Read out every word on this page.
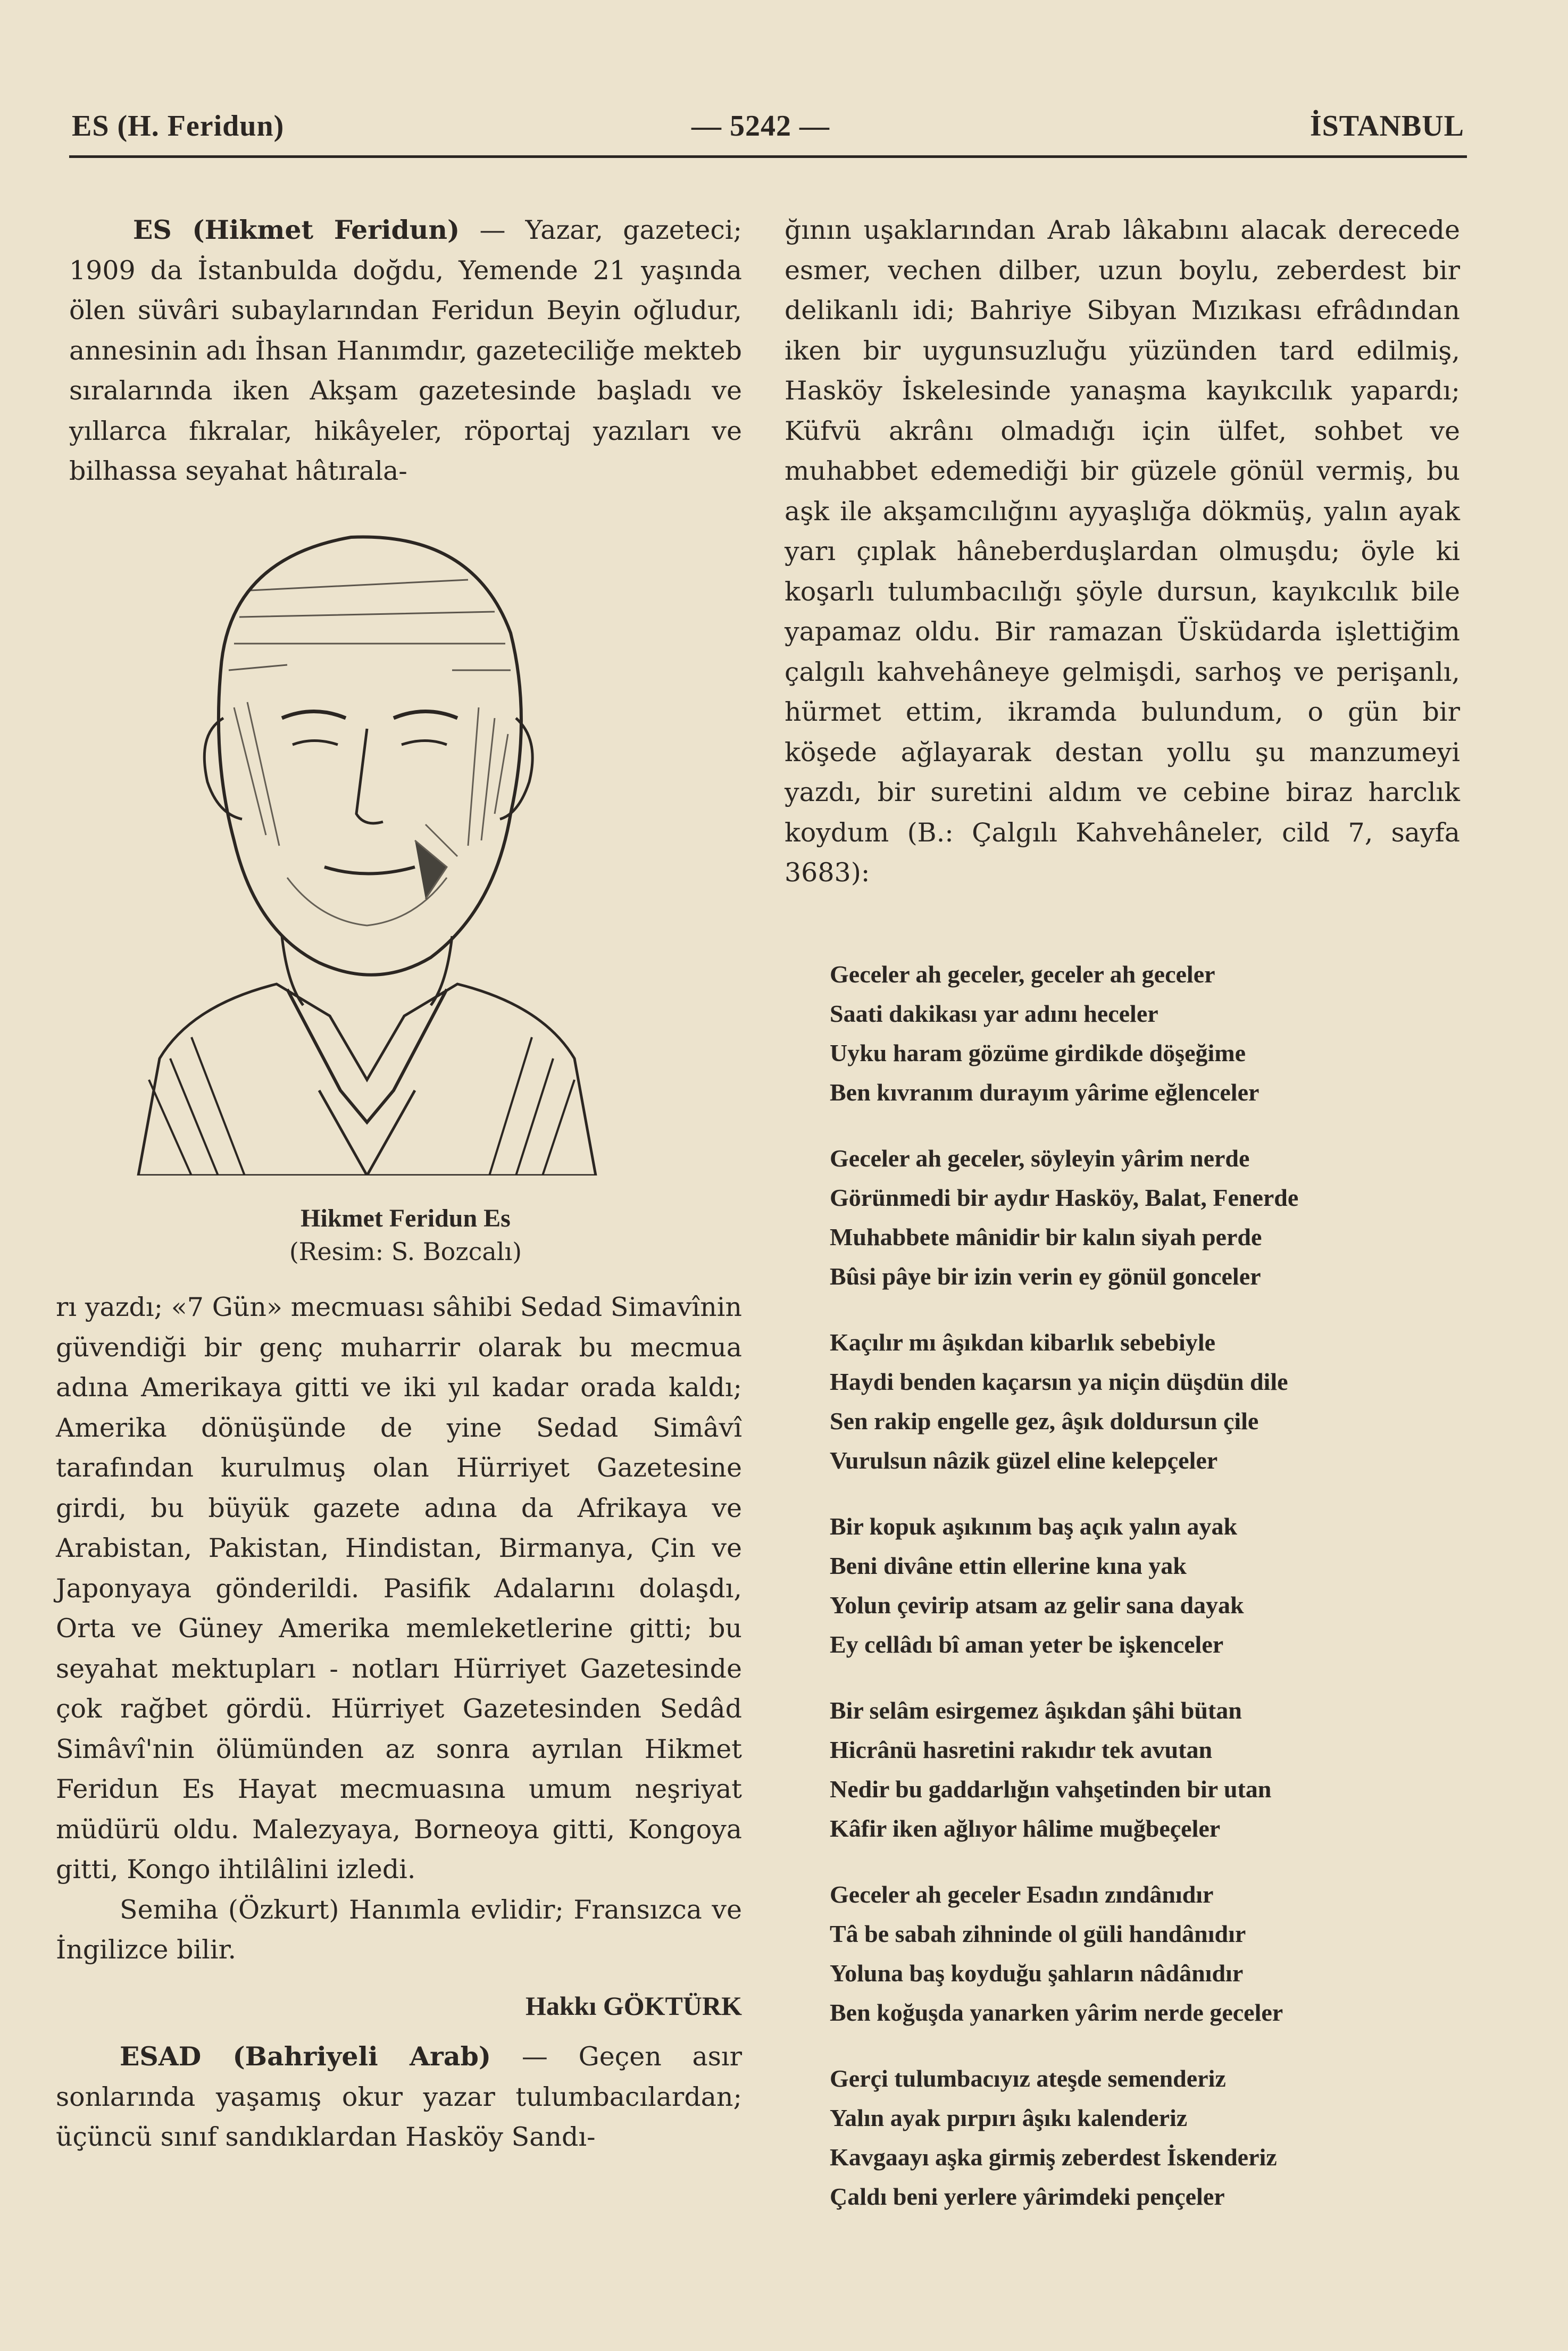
ES (H. Feridun)	— 5242 —	İSTANBUL

ES (Hikmet Feridun) — Yazar, gazeteci; 1909 da İstanbulda doğdu, Yemende 21 yaşında ölen süvâri subaylarından Feridun Beyin oğludur, annesinin adı İhsan Hanımdır, gazeteciliğe mekteb sıralarında iken Akşam gazetesinde başladı ve yıllarca fıkralar, hikâyeler, röportaj yazıları ve bilhassa seyahat hâtırala-

Hikmet Feridun Es
(Resim: S. Bozcalı)

rı yazdı; «7 Gün» mecmuası sâhibi Sedad Simavînin güvendiği bir genç muharrir olarak bu mecmua adına Amerikaya gitti ve iki yıl kadar orada kaldı; Amerika dönüşünde de yine Sedad Simâvî tarafından kurulmuş olan Hürriyet Gazetesine girdi, bu büyük gazete adına da Afrikaya ve Arabistan, Pakistan, Hindistan, Birmanya, Çin ve Japonyaya gönderildi. Pasifik Adalarını dolaşdı, Orta ve Güney Amerika memleketlerine gitti; bu seyahat mektupları - notları Hürriyet Gazetesinde çok rağbet gördü. Hürriyet Gazetesinden Sedâd Simâvî'nin ölümünden az sonra ayrılan Hikmet Feridun Es Hayat mecmuasına umum neşriyat müdürü oldu. Malezyaya, Borneoya gitti, Kongoya gitti, Kongo ihtilâlini izledi.

Semiha (Özkurt) Hanımla evlidir; Fransızca ve İngilizce bilir.

Hakkı GÖKTÜRK

ESAD (Bahriyeli Arab) — Geçen asır sonlarında yaşamış okur yazar tulumbacılardan; üçüncü sınıf sandıklardan Hasköy Sandı-

ğının uşaklarından Arab lâkabını alacak derecede esmer, vechen dilber, uzun boylu, zeberdest bir delikanlı idi; Bahriye Sibyan Mızıkası efrâdından iken bir uygunsuzluğu yüzünden tard edilmiş, Hasköy İskelesinde yanaşma kayıkcılık yapardı; Küfvü akrânı olmadığı için ülfet, sohbet ve muhabbet edemediği bir güzele gönül vermiş, bu aşk ile akşamcılığını ayyaşlığa dökmüş, yalın ayak yarı çıplak hâneberduşlardan olmuşdu; öyle ki koşarlı tulumbacılığı şöyle dursun, kayıkcılık bile yapamaz oldu. Bir ramazan Üsküdarda işlettiğim çalgılı kahvehâneye gelmişdi, sarhoş ve perişanlı, hürmet ettim, ikramda bulundum, o gün bir köşede ağlayarak destan yollu şu manzumeyi yazdı, bir suretini aldım ve cebine biraz harclık koydum (B.: Çalgılı Kahvehâneler, cild 7, sayfa 3683):

Geceler ah geceler, geceler ah geceler
Saati dakikası yar adını heceler
Uyku haram gözüme girdikde döşeğime
Ben kıvranım durayım yârime eğlenceler
Geceler ah geceler, söyleyin yârim nerde
Görünmedi bir aydır Hasköy, Balat, Fenerde
Muhabbete mânidir bir kalın siyah perde
Bûsi pâye bir izin verin ey gönül gonceler
Kaçılır mı âşıkdan kibarlık sebebiyle
Haydi benden kaçarsın ya niçin düşdün dile
Sen rakip engelle gez, âşık doldursun çile
Vurulsun nâzik güzel eline kelepçeler
Bir kopuk aşıkınım baş açık yalın ayak
Beni divâne ettin ellerine kına yak
Yolun çevirip atsam az gelir sana dayak
Ey cellâdı bî aman yeter be işkenceler
Bir selâm esirgemez âşıkdan şâhi bütan
Hicrânü hasretini rakıdır tek avutan
Nedir bu gaddarlığın vahşetinden bir utan
Kâfir iken ağlıyor hâlime muğbeçeler
Geceler ah geceler Esadın zındânıdır
Tâ be sabah zihninde ol güli handânıdır
Yoluna baş koyduğu şahların nâdânıdır
Ben koğuşda yanarken yârim nerde geceler
Gerçi tulumbacıyız ateşde semenderiz
Yalın ayak pırpırı âşıkı kalenderiz
Kavgaayı aşka girmiş zeberdest İskenderiz
Çaldı beni yerlere yârimdeki pençeler
